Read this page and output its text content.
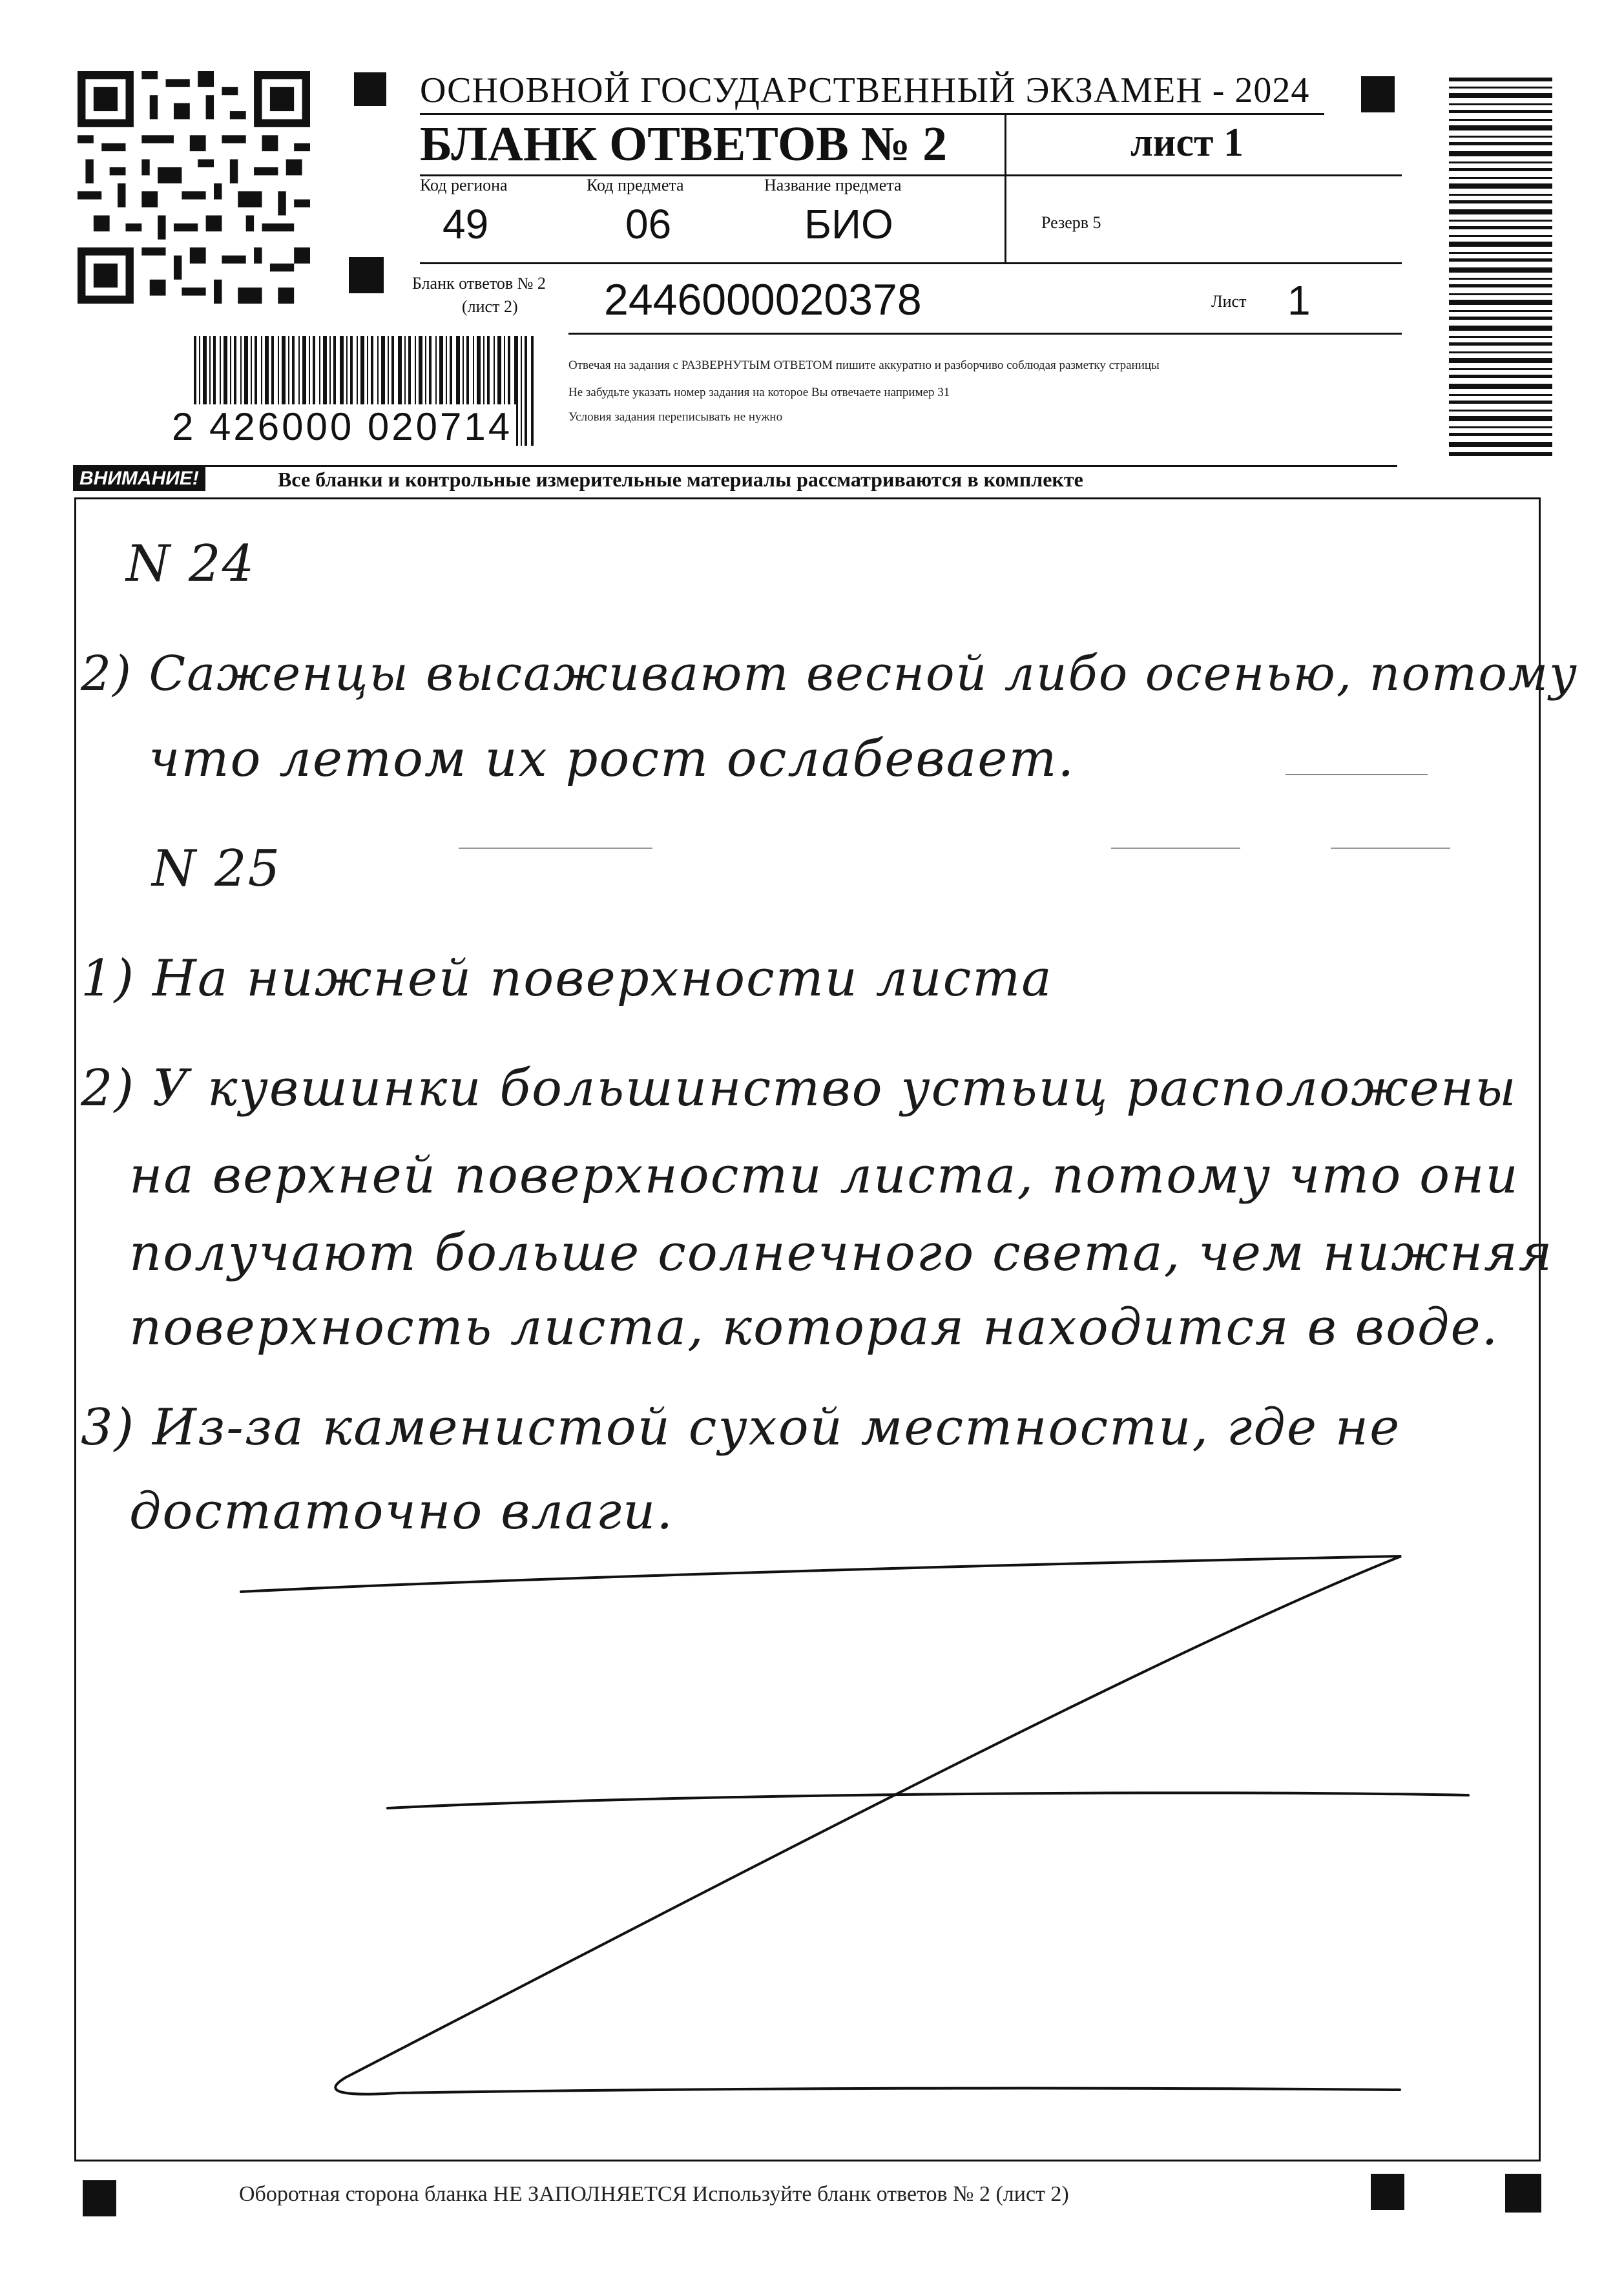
ОСНОВНОЙ ГОСУДАРСТВЕННЫЙ ЭКЗАМЕН - 2024
БЛАНК ОТВЕТОВ № 2	лист 1
Код региона
49
Код предмета
06
Название предмета
БИО	Резерв 5
Бланк ответов № 2
(лист 2) 2446000020378	Лист 1
Отвечая на задания с РАЗВЕРНУТЫМ ОТВЕТОМ пишите аккуратно и разборчиво соблюдая разметку страницы
Не забудьте указать номер задания на которое Вы отвечаете например 31
Условия задания переписывать не нужно
2 426000 020714
ВНИМАНИЕ!	Все бланки и контрольные измерительные материалы рассматриваются в комплекте
N 24
2) Саженцы высаживают весной либо осенью, потому
что летом их рост ослабевает.
N 25
1) На нижней поверхности листа
2) У кувшинки большинство устьиц расположены
на верхней поверхности листа, потому что они
получают больше солнечного света, чем нижняя
поверхность листа, которая находится в воде.
3) Из-за каменистой сухой местности, где не
достаточно влаги.
Оборотная сторона бланка НЕ ЗАПОЛНЯЕТСЯ Используйте бланк ответов № 2 (лист 2)
